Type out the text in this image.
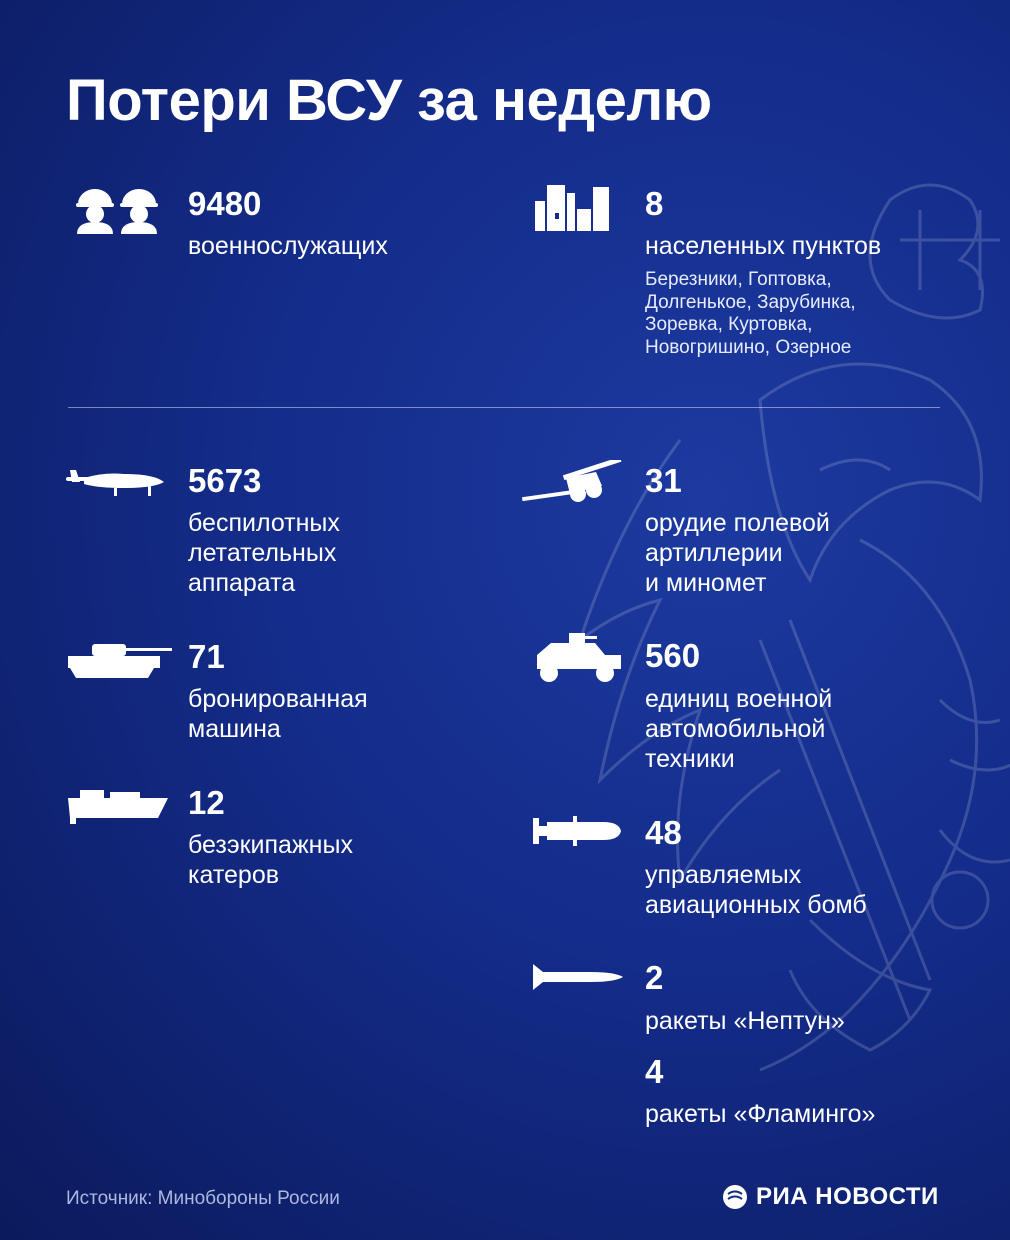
Потери ВСУ за неделю
9480
военнослужащих
8
населенных пунктов
Березники, Гоптовка,
Долгенькое, Зарубинка,
Зоревка, Куртовка,
Новогришино, Озерное
5673
беспилотных
летательных
аппарата
31
орудие полевой
артиллерии
и миномет
71
бронированная
машина
560
единиц военной
автомобильной
техники
12
безэкипажных
катеров
48
управляемых
авиационных бомб
2
ракеты «Нептун»
4
ракеты «Фламинго»
Источник: Минобороны России	РИА НОВОСТИ
